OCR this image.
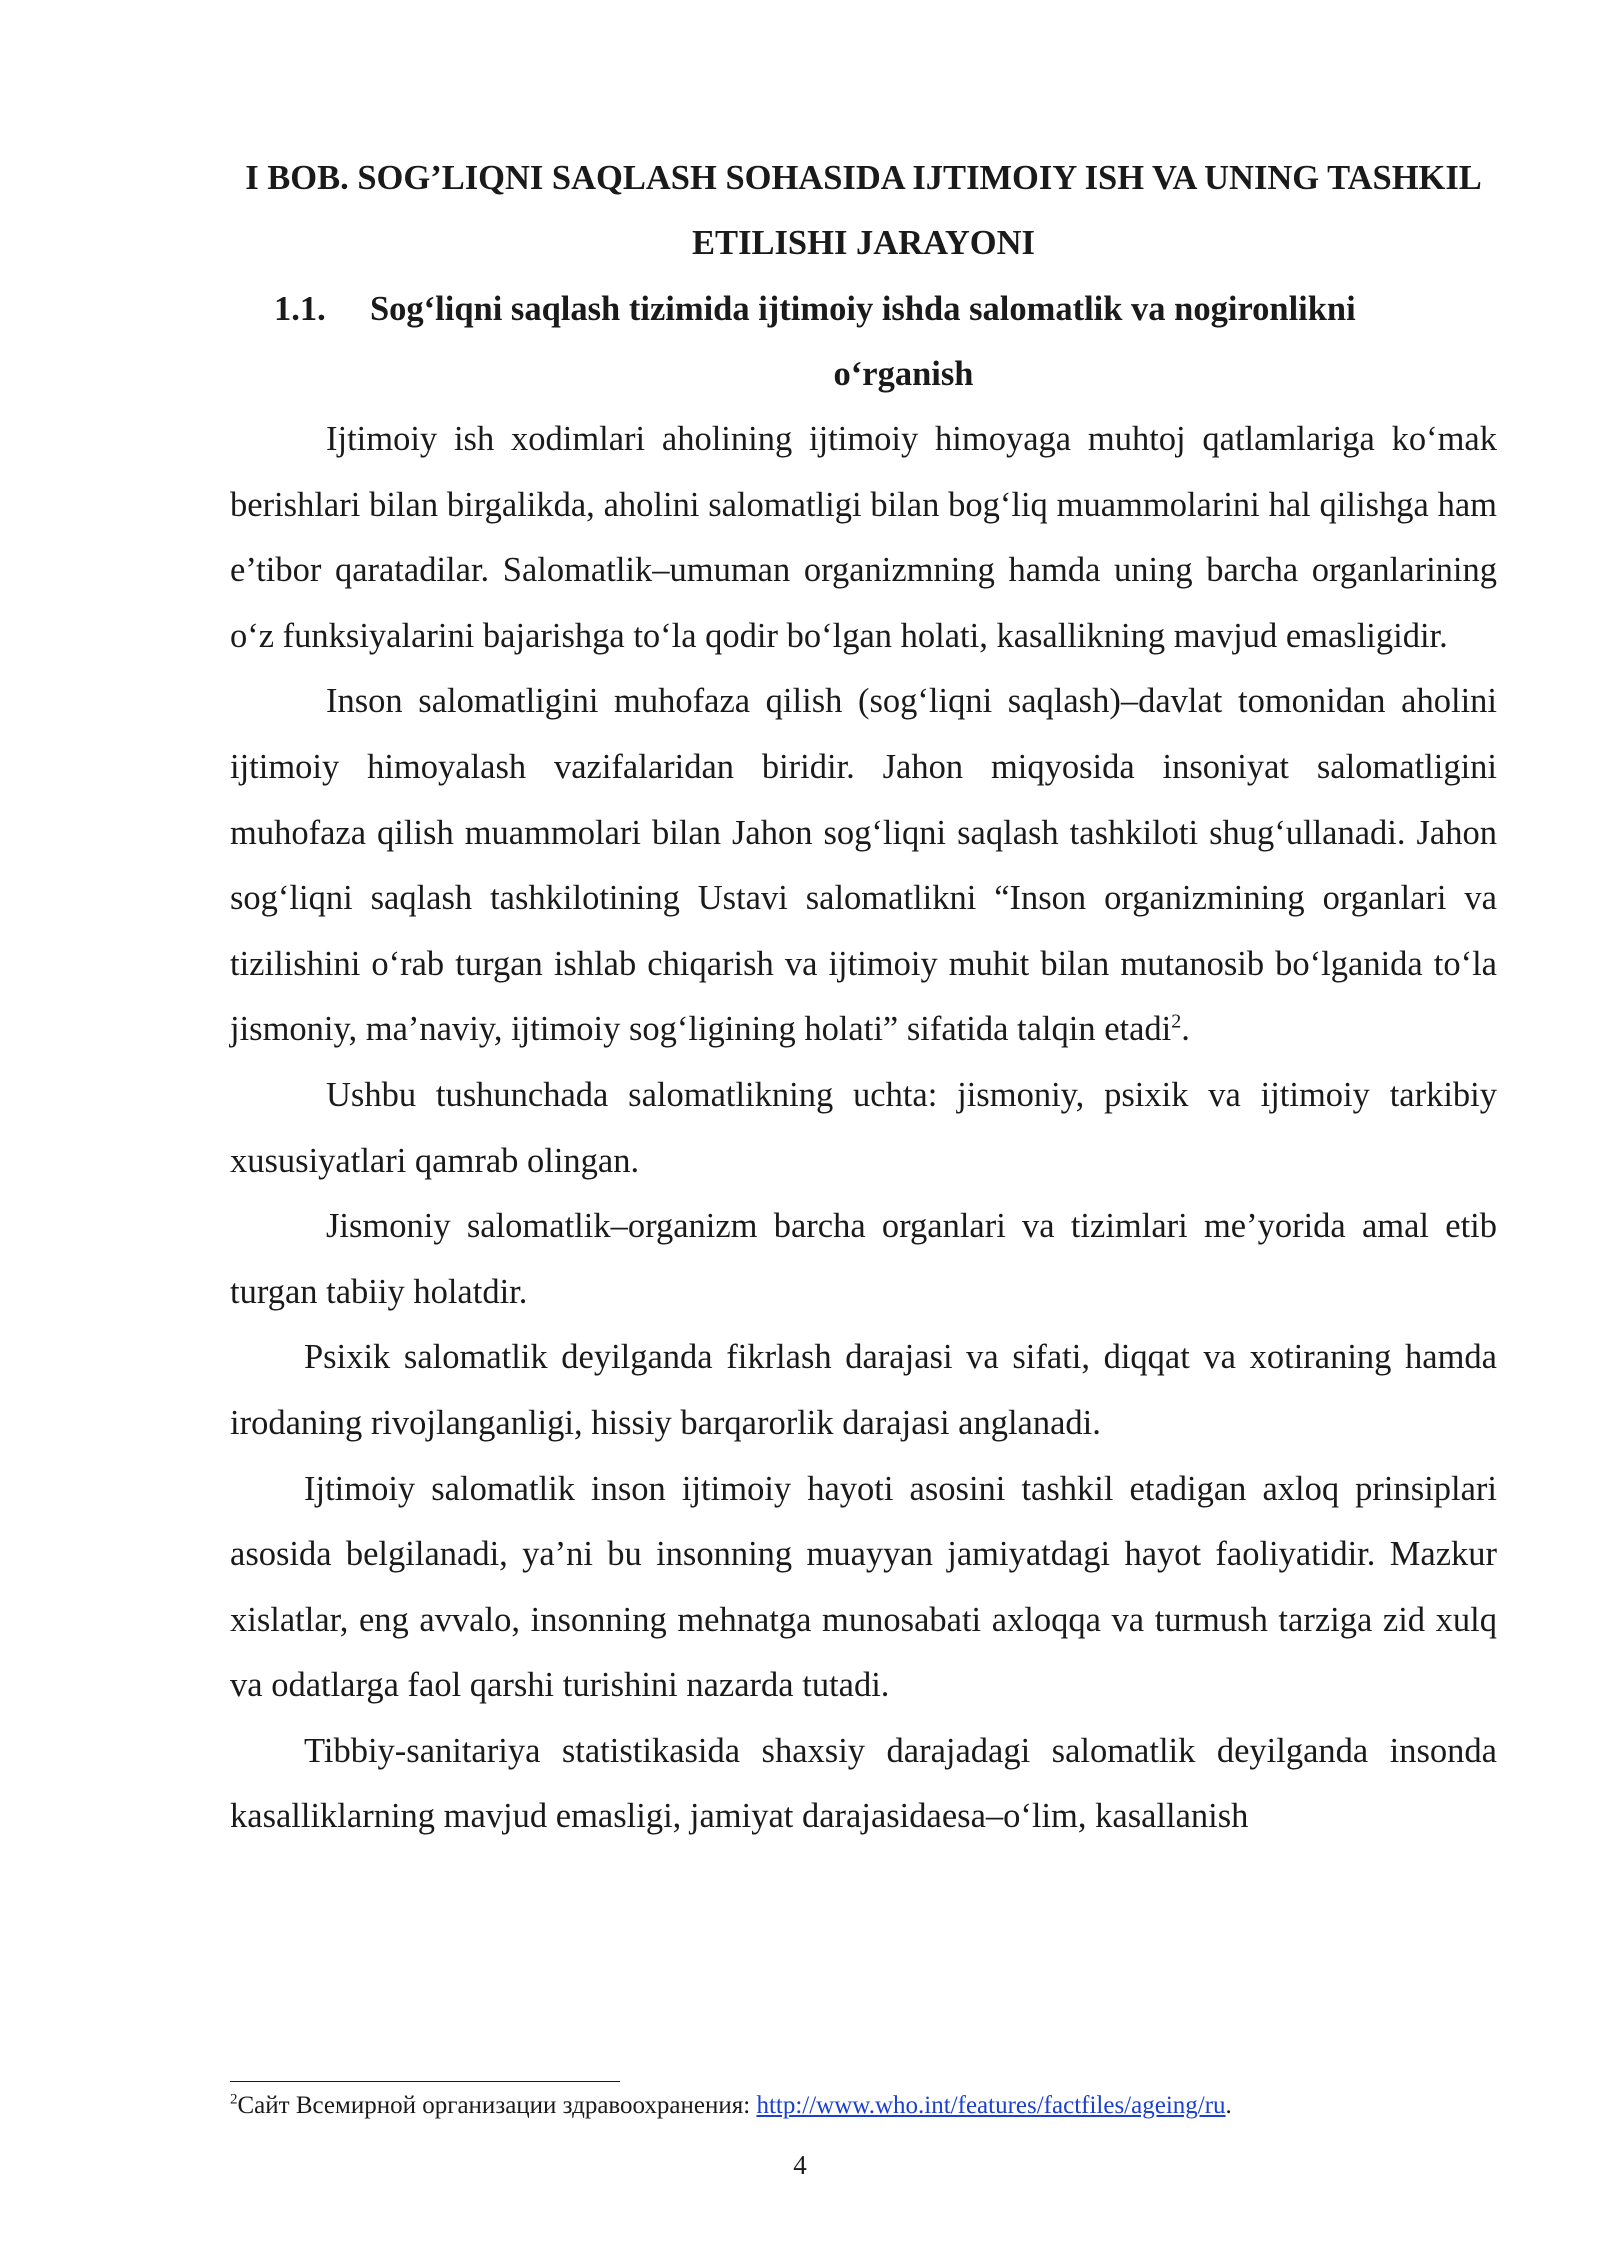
I BOB. SOG’LIQNI SAQLASH SOHASIDA IJTIMOIY ISH VA UNING TASHKIL ETILISHI JARAYONI
1.1.	Sog‘liqni saqlash tizimida ijtimoiy ishda salomatlik va nogironlikni
o‘rganish

Ijtimoiy ish xodimlari aholining ijtimoiy himoyaga muhtoj qatlamlariga ko‘mak berishlari bilan birgalikda, aholini salomatligi bilan bog‘liq muammolarini hal qilishga ham e’tibor qaratadilar. Salomatlik–umuman organizmning hamda uning barcha organlarining o‘z funksiyalarini bajarishga to‘la qodir bo‘lgan holati, kasallikning mavjud emasligidir.

Inson salomatligini muhofaza qilish (sog‘liqni saqlash)–davlat tomonidan aholini ijtimoiy himoyalash vazifalaridan biridir. Jahon miqyosida insoniyat salomatligini muhofaza qilish muammolari bilan Jahon sog‘liqni saqlash tashkiloti shug‘ullanadi. Jahon sog‘liqni saqlash tashkilotining Ustavi salomatlikni “Inson organizmining organlari va tizilishini o‘rab turgan ishlab chiqarish va ijtimoiy muhit bilan mutanosib bo‘lganida to‘la jismoniy, ma’naviy, ijtimoiy sog‘ligining holati” sifatida talqin etadi$^2$.

Ushbu tushunchada salomatlikning uchta: jismoniy, psixik va ijtimoiy tarkibiy xususiyatlari qamrab olingan.

Jismoniy salomatlik–organizm barcha organlari va tizimlari me’yorida amal etib turgan tabiiy holatdir.

Psixik salomatlik deyilganda fikrlash darajasi va sifati, diqqat va xotiraning hamda irodaning rivojlanganligi, hissiy barqarorlik darajasi anglanadi.

Ijtimoiy salomatlik inson ijtimoiy hayoti asosini tashkil etadigan axloq prinsiplari asosida belgilanadi, ya’ni bu insonning muayyan jamiyatdagi hayot faoliyatidir. Mazkur xislatlar, eng avvalo, insonning mehnatga munosabati axloqqa va turmush tarziga zid xulq va odatlarga faol qarshi turishini nazarda tutadi.

Tibbiy-sanitariya statistikasida shaxsiy darajadagi salomatlik deyilganda insonda kasalliklarning mavjud emasligi, jamiyat darajasidaesa–o‘lim, kasallanish

$^2$Сайт Всемирной организации здравоохранения: http://www.who.int/features/factfiles/ageing/ru.
4
